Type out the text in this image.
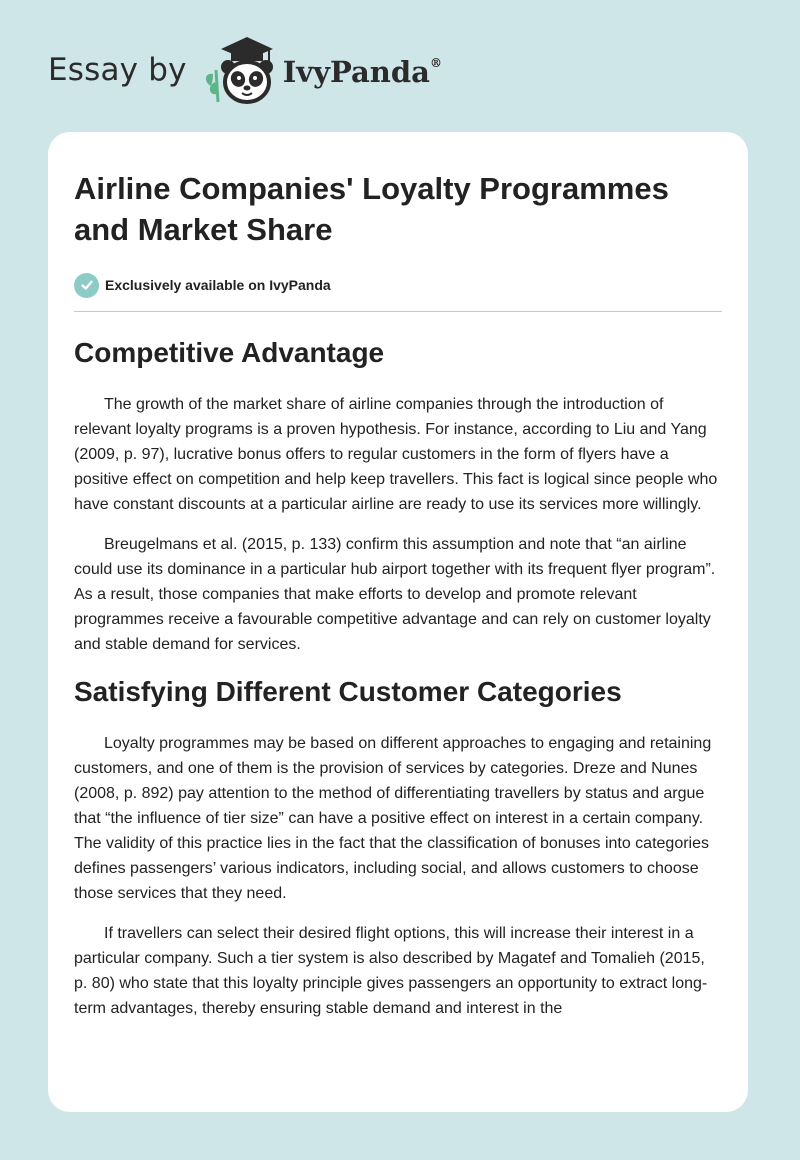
Essay by	IvyPanda®
Airline Companies' Loyalty Programmes and Market Share
Exclusively available on IvyPanda
Competitive Advantage

The growth of the market share of airline companies through the introduction of relevant loyalty programs is a proven hypothesis. For instance, according to Liu and Yang (2009, p. 97), lucrative bonus offers to regular customers in the form of flyers have a positive effect on competition and help keep travellers. This fact is logical since people who have constant discounts at a particular airline are ready to use its services more willingly.

Breugelmans et al. (2015, p. 133) confirm this assumption and note that “an airline could use its dominance in a particular hub airport together with its frequent flyer program”. As a result, those companies that make efforts to develop and promote relevant programmes receive a favourable competitive advantage and can rely on customer loyalty and stable demand for services.

Satisfying Different Customer Categories

Loyalty programmes may be based on different approaches to engaging and retaining customers, and one of them is the provision of services by categories. Dreze and Nunes (2008, p. 892) pay attention to the method of differentiating travellers by status and argue that “the influence of tier size” can have a positive effect on interest in a certain company. The validity of this practice lies in the fact that the classification of bonuses into categories defines passengers’ various indicators, including social, and allows customers to choose those services that they need.

If travellers can select their desired flight options, this will increase their interest in a particular company. Such a tier system is also described by Magatef and Tomalieh (2015, p. 80) who state that this loyalty principle gives passengers an opportunity to extract long-term advantages, thereby ensuring stable demand and interest in the
